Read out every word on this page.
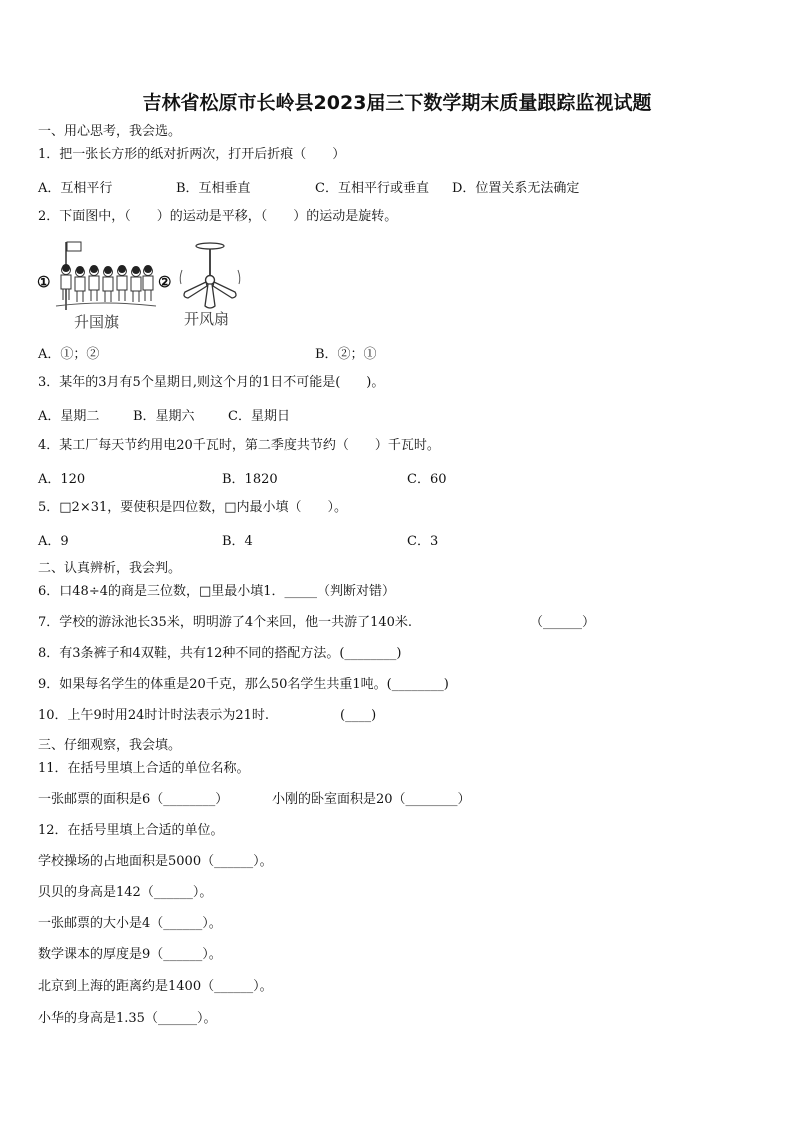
吉林省松原市长岭县2023届三下数学期末质量跟踪监视试题
一、用心思考，我会选。
1．把一张长方形的纸对折两次，打开后折痕（　　）
A．互相平行	B．互相垂直	C．互相平行或垂直 D．位置关系无法确定
2．下面图中，（　　）的运动是平移，（　　）的运动是旋转。
①
升国旗
②
开风扇
A．①；②	B．②；①
3．某年的3月有5个星期日,则这个月的1日不可能是(　　)。
A．星期二	B．星期六	C．星期日
4．某工厂每天节约用电20千瓦时，第二季度共节约（　　）千瓦时。
A．120	B．1820	C．60
5．□2×31，要使积是四位数，□内最小填（　　）。
A．9	B．4	C．3
二、认真辨析，我会判。
6．口48÷4的商是三位数，□里最小填1．_____（判断对错）
7．学校的游泳池长35米，明明游了4个来回，他一共游了140米.	（______）
8．有3条裤子和4双鞋，共有12种不同的搭配方法。(________)
9．如果每名学生的体重是20千克，那么50名学生共重1吨。(________)
10．上午9时用24时计时法表示为21时.	(____)
三、仔细观察，我会填。
11．在括号里填上合适的单位名称。
一张邮票的面积是6（________）	小刚的卧室面积是20（________）
12．在括号里填上合适的单位。
学校操场的占地面积是5000（______）。
贝贝的身高是142（______）。
一张邮票的大小是4（______）。
数学课本的厚度是9（______）。
北京到上海的距离约是1400（______）。
小华的身高是1.35（______）。
